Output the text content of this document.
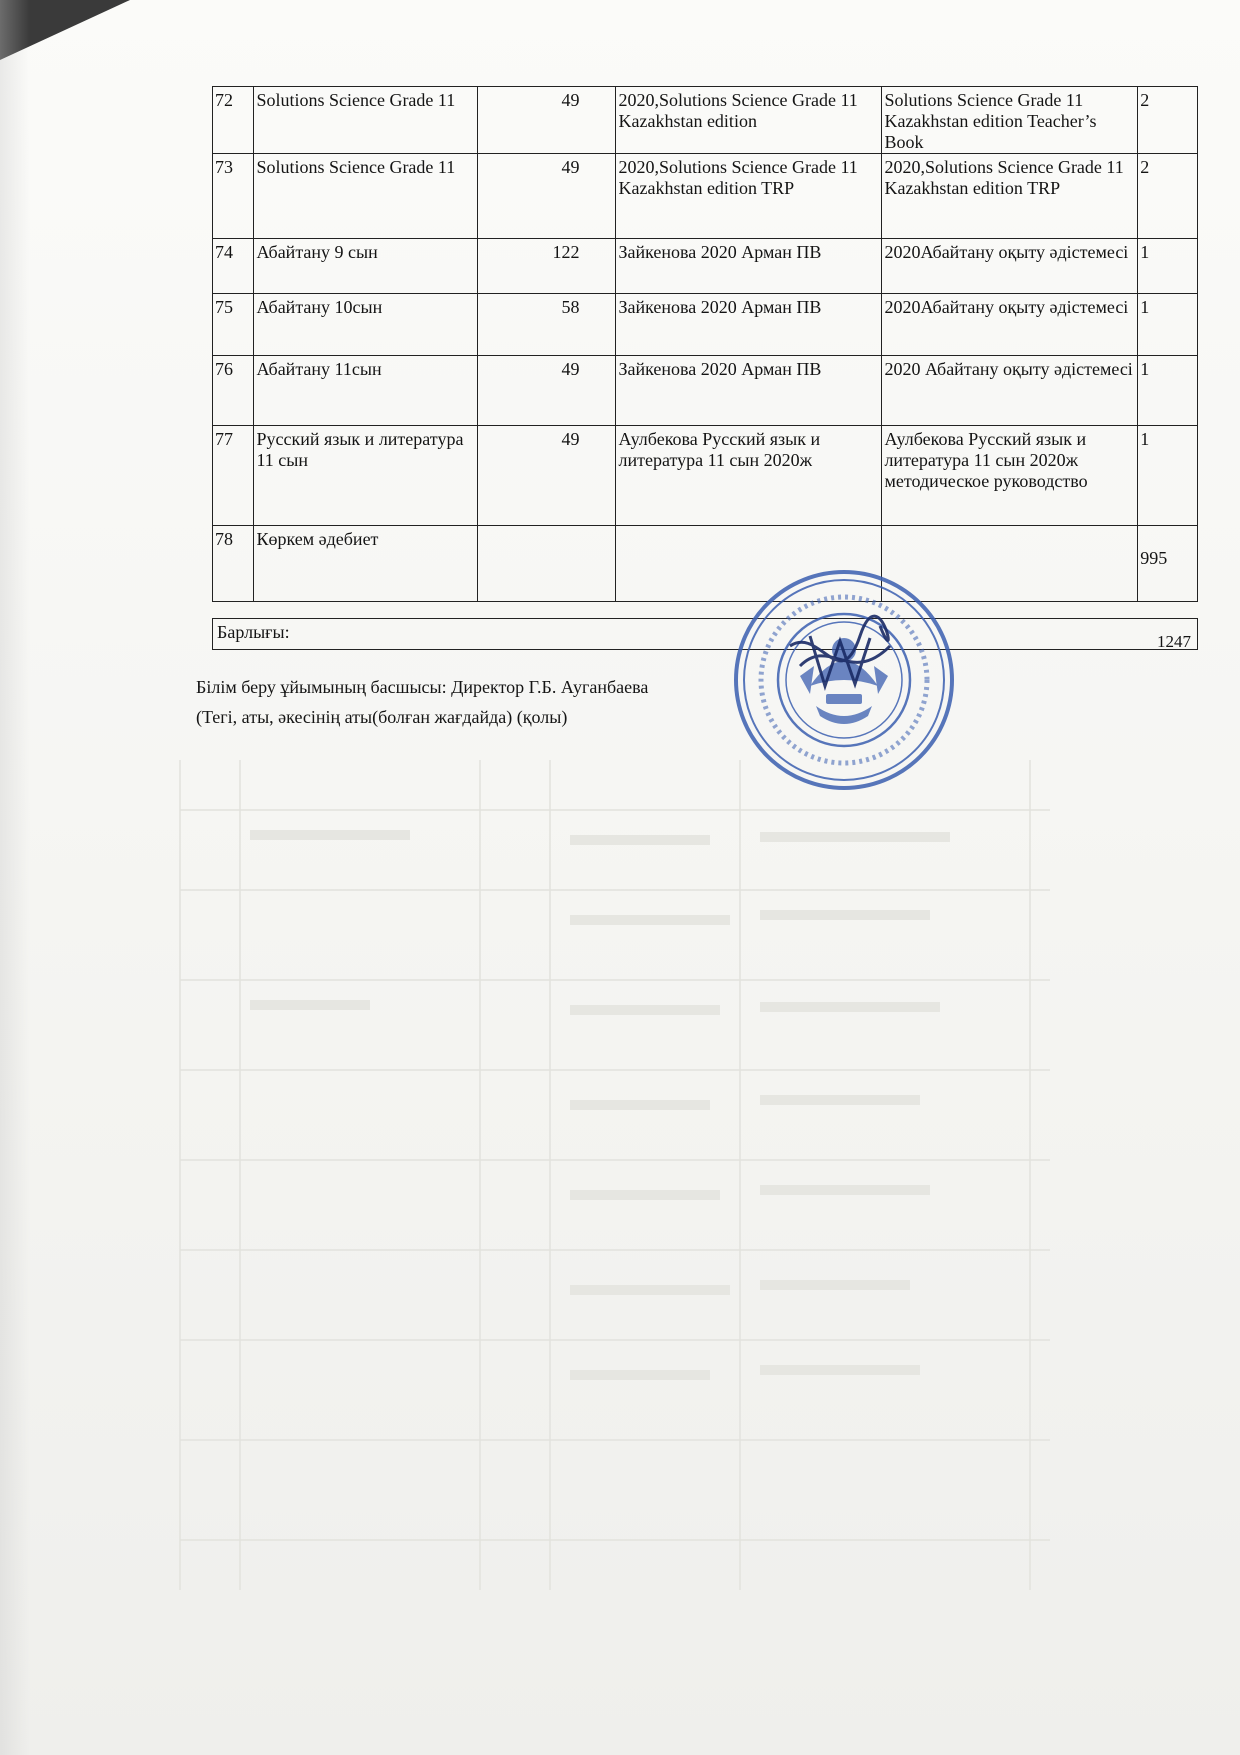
72	Solutions Science Grade 11	49	2020,Solutions Science Grade 11 Kazakhstan edition	Solutions Science Grade 11 Kazakhstan edition Teacher’s Book	2
73	Solutions Science Grade 11	49	2020,Solutions Science Grade 11 Kazakhstan edition TRP	2020,Solutions Science Grade 11 Kazakhstan edition TRP	2
74	Абайтану 9 сын	122	Зайкенова 2020 Арман ПВ	2020Абайтану оқыту әдістемесі	1
75	Абайтану 10сын	58	Зайкенова 2020 Арман ПВ	2020Абайтану оқыту әдістемесі	1
76	Абайтану 11сын	49	Зайкенова 2020 Арман ПВ	2020 Абайтану оқыту әдістемесі	1
77	Русский язык и литература 11 сын	49	Аулбекова Русский язык и литература 11 сын 2020ж	Аулбекова Русский язык и литература 11 сын 2020ж методическое руководство	1
78	Көркем әдебиет				995
Барлығы:	1247
Білім беру ұйымының басшысы: Директор Г.Б. Ауганбаева
(Тегі, аты, әкесінің аты(болған жағдайда) (қолы)
